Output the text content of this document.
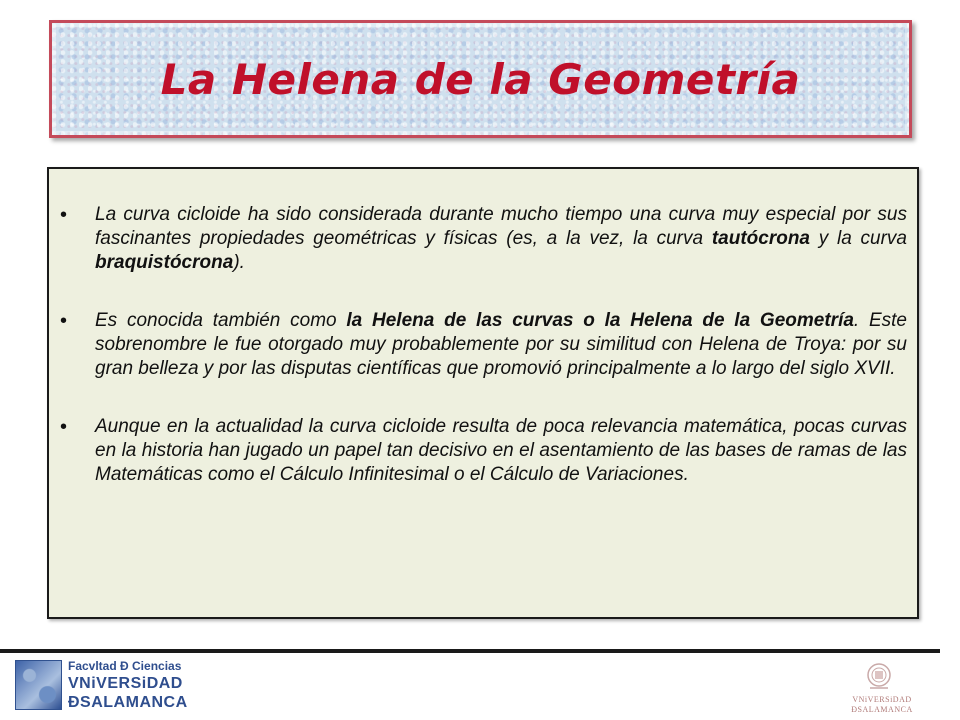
La Helena de la Geometría
• La curva cicloide ha sido considerada durante mucho tiempo una curva muy especial por sus fascinantes propiedades geométricas y físicas (es, a la vez, la curva tautócrona y la curva braquistócrona).
• Es conocida también como la Helena de las curvas o la Helena de la Geometría. Este sobrenombre le fue otorgado muy probablemente por su similitud con Helena de Troya: por su gran belleza y por las disputas científicas que promovió principalmente a lo largo del siglo XVII.
• Aunque en la actualidad la curva cicloide resulta de poca relevancia matemática, pocas curvas en la historia han jugado un papel tan decisivo en el asentamiento de las bases de ramas de las Matemáticas como el Cálculo Infinitesimal o el Cálculo de Variaciones.
Facvltad Ð Ciencias
VNiVERSiDAD
ÐSALAMANCA	VNiVERSiDAD
ÐSALAMANCA
